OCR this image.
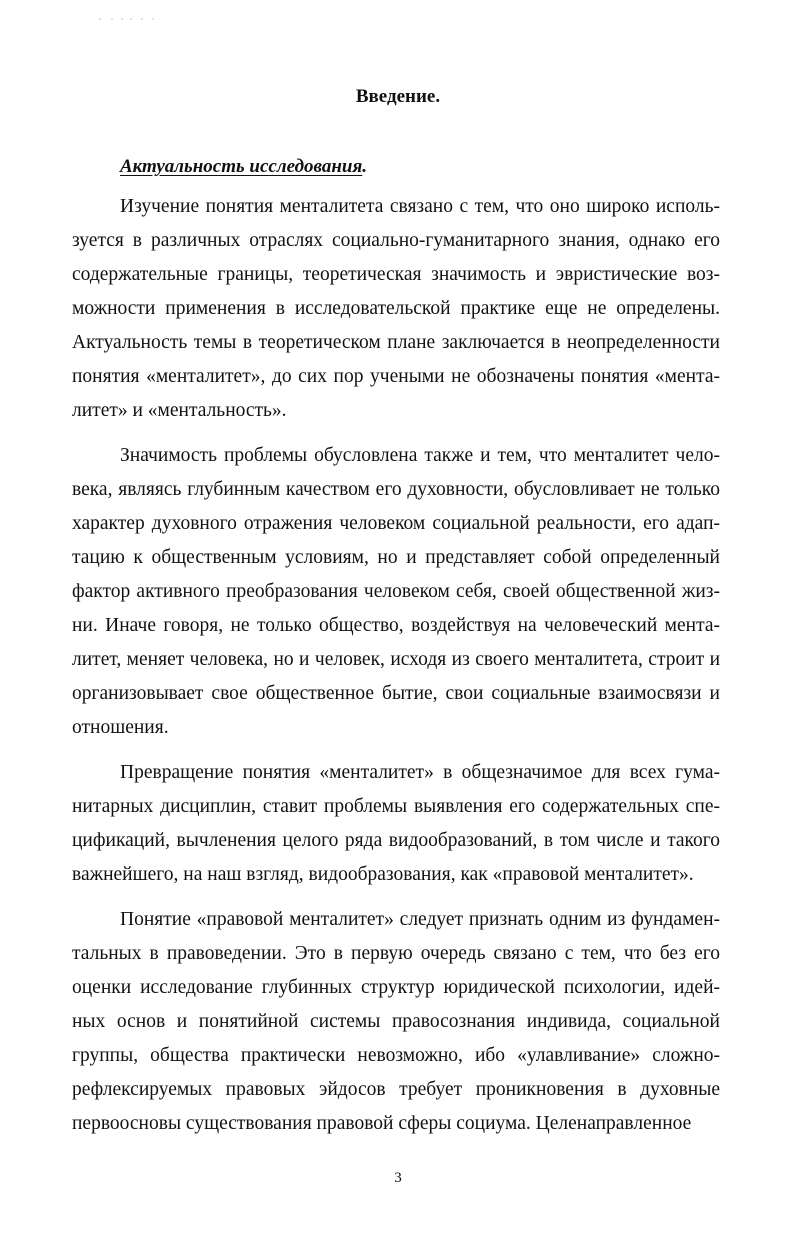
Введение.
Актуальность исследования.

Изучение понятия менталитета связано с тем, что оно широко исполь-
зуется в различных отраслях социально-гуманитарного знания, однако его
содержательные границы, теоретическая значимость и эвристические воз-
можности применения в исследовательской практике еще не определены.
Актуальность темы в теоретическом плане заключается в неопределенности
понятия «менталитет», до сих пор учеными не обозначены понятия «мента-
литет» и «ментальность».

Значимость проблемы обусловлена также и тем, что менталитет чело-
века, являясь глубинным качеством его духовности, обусловливает не только
характер духовного отражения человеком социальной реальности, его адап-
тацию к общественным условиям, но и представляет собой определенный
фактор активного преобразования человеком себя, своей общественной жиз-
ни. Иначе говоря, не только общество, воздействуя на человеческий мента-
литет, меняет человека, но и человек, исходя из своего менталитета, строит и
организовывает свое общественное бытие, свои социальные взаимосвязи и
отношения.

Превращение понятия «менталитет» в общезначимое для всех гума-
нитарных дисциплин, ставит проблемы выявления его содержательных спе-
цификаций, вычленения целого ряда видообразований, в том числе и такого
важнейшего, на наш взгляд, видообразования, как «правовой менталитет».

Понятие «правовой менталитет» следует признать одним из фундамен-
тальных в правоведении. Это в первую очередь связано с тем, что без его
оценки исследование глубинных структур юридической психологии, идей-
ных основ и понятийной системы правосознания индивида, социальной
группы, общества практически невозможно, ибо «улавливание» сложно-
рефлексируемых правовых эйдосов требует проникновения в духовные
первоосновы существования правовой сферы социума. Целенаправленное

3
